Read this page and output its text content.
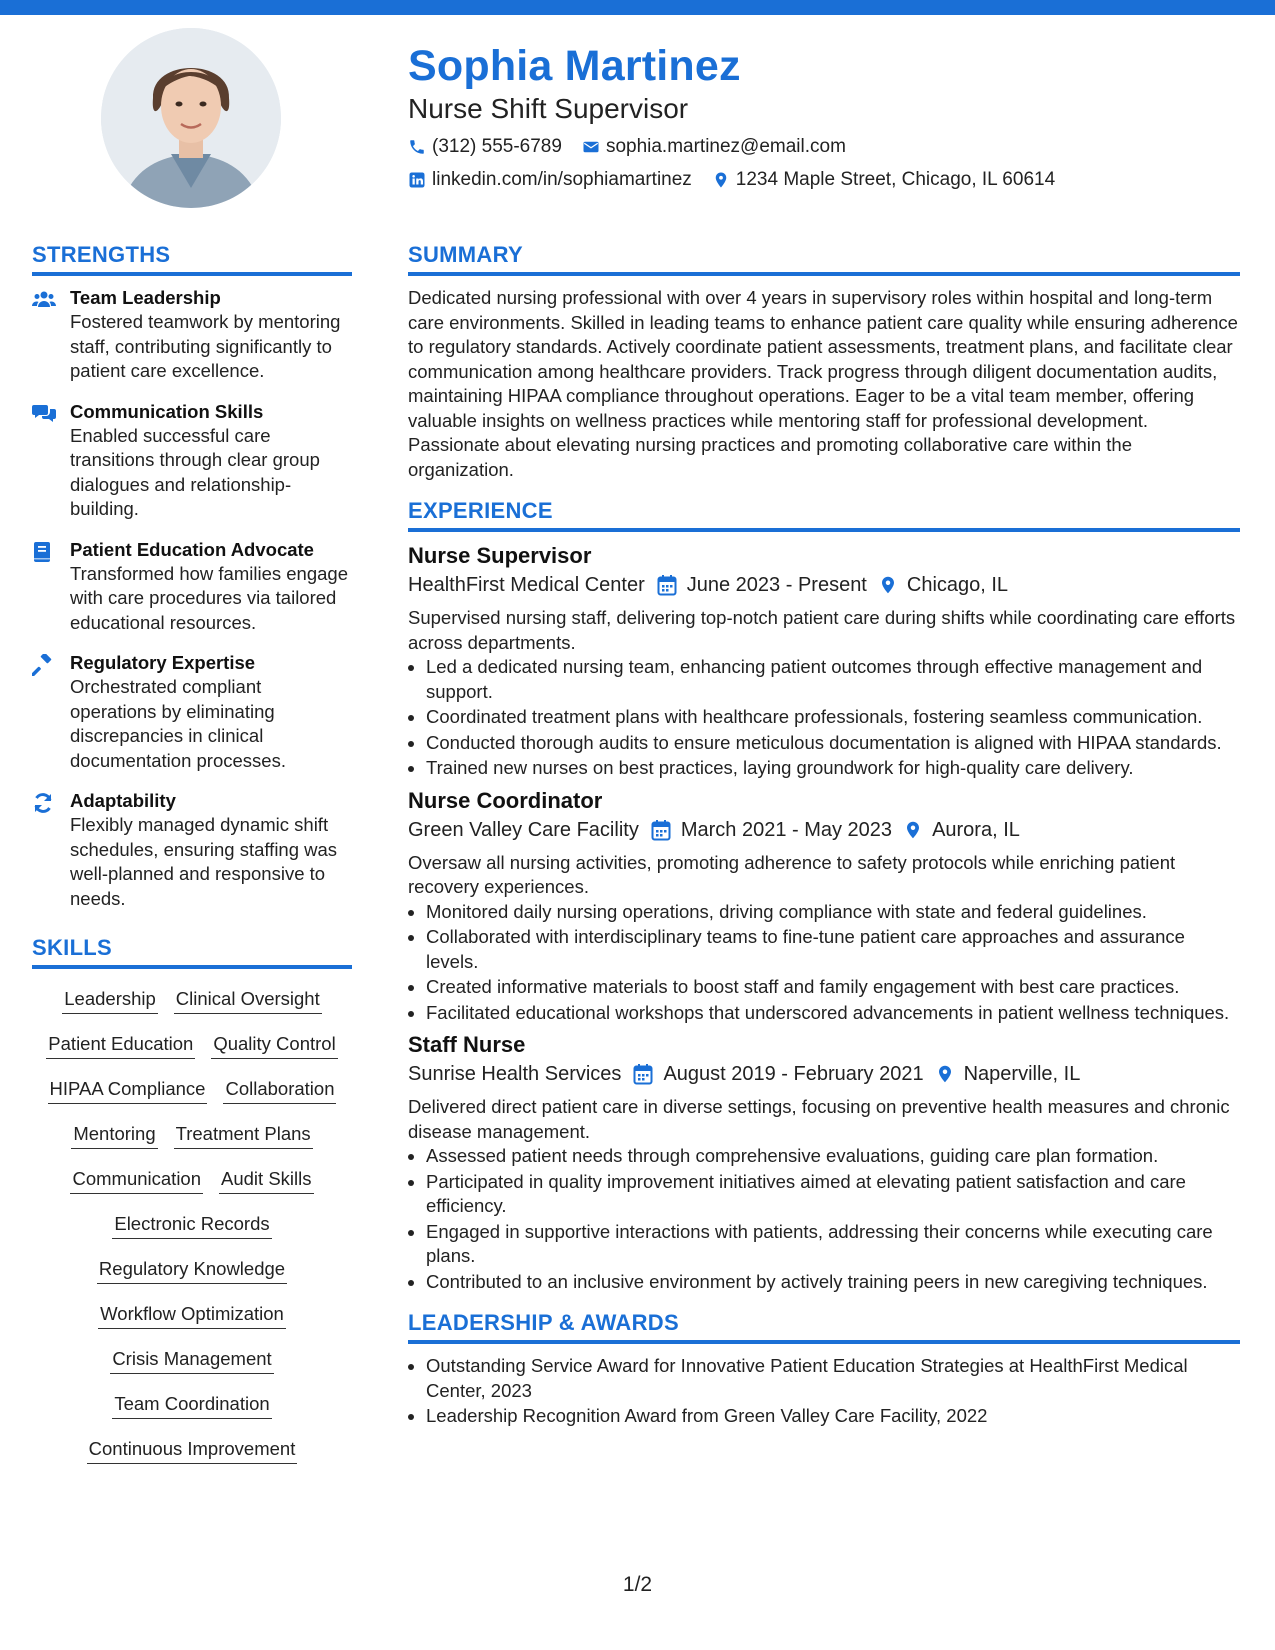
Sophia Martinez
Nurse Shift Supervisor
(312) 555-6789 sophia.martinez@email.com
linkedin.com/in/sophiamartinez 1234 Maple Street, Chicago, IL 60614
STRENGTHS
Team Leadership
Fostered teamwork by mentoring staff, contributing significantly to patient care excellence.
Communication Skills
Enabled successful care transitions through clear group dialogues and relationship-building.
Patient Education Advocate
Transformed how families engage with care procedures via tailored educational resources.
Regulatory Expertise
Orchestrated compliant operations by eliminating discrepancies in clinical documentation processes.
Adaptability
Flexibly managed dynamic shift schedules, ensuring staffing was well-planned and responsive to needs.
SKILLS
Leadership Clinical Oversight
Patient Education Quality Control
HIPAA Compliance Collaboration
Mentoring Treatment Plans
Communication Audit Skills
Electronic Records
Regulatory Knowledge
Workflow Optimization
Crisis Management
Team Coordination
Continuous Improvement
SUMMARY

Dedicated nursing professional with over 4 years in supervisory roles within hospital and long-term care environments. Skilled in leading teams to enhance patient care quality while ensuring adherence to regulatory standards. Actively coordinate patient assessments, treatment plans, and facilitate clear communication among healthcare providers. Track progress through diligent documentation audits, maintaining HIPAA compliance throughout operations. Eager to be a vital team member, offering valuable insights on wellness practices while mentoring staff for professional development. Passionate about elevating nursing practices and promoting collaborative care within the organization.

EXPERIENCE
Nurse Supervisor
HealthFirst Medical Center June 2023 - Present Chicago, IL

Supervised nursing staff, delivering top-notch patient care during shifts while coordinating care efforts across departments.

• Led a dedicated nursing team, enhancing patient outcomes through effective management and support.
• Coordinated treatment plans with healthcare professionals, fostering seamless communication.
• Conducted thorough audits to ensure meticulous documentation is aligned with HIPAA standards.
• Trained new nurses on best practices, laying groundwork for high-quality care delivery.
Nurse Coordinator
Green Valley Care Facility March 2021 - May 2023 Aurora, IL

Oversaw all nursing activities, promoting adherence to safety protocols while enriching patient recovery experiences.

• Monitored daily nursing operations, driving compliance with state and federal guidelines.
• Collaborated with interdisciplinary teams to fine-tune patient care approaches and assurance levels.
• Created informative materials to boost staff and family engagement with best care practices.
• Facilitated educational workshops that underscored advancements in patient wellness techniques.
Staff Nurse
Sunrise Health Services August 2019 - February 2021 Naperville, IL

Delivered direct patient care in diverse settings, focusing on preventive health measures and chronic disease management.

• Assessed patient needs through comprehensive evaluations, guiding care plan formation.
• Participated in quality improvement initiatives aimed at elevating patient satisfaction and care efficiency.
• Engaged in supportive interactions with patients, addressing their concerns while executing care plans.
• Contributed to an inclusive environment by actively training peers in new caregiving techniques.
LEADERSHIP & AWARDS
• Outstanding Service Award for Innovative Patient Education Strategies at HealthFirst Medical Center, 2023
• Leadership Recognition Award from Green Valley Care Facility, 2022
1/2
